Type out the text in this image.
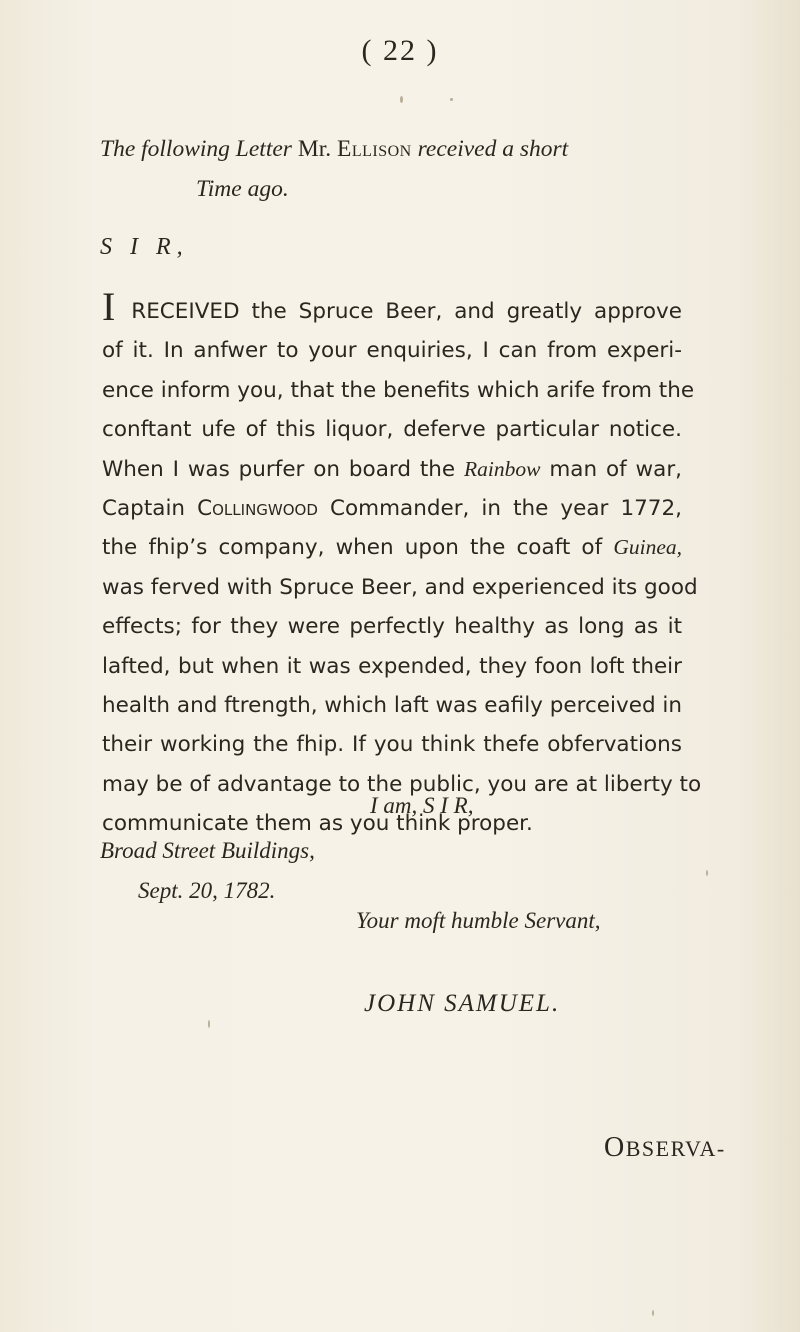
( 22 )
The following Letter Mr. Ellison received a short
Time ago.
S I R,
I RECEIVED the Spruce Beer, and greatly approve
of it. In anfwer to your enquiries, I can from experi-
ence inform you, that the benefits which arife from the
conftant ufe of this liquor, deferve particular notice.
When I was purfer on board the Rainbow man of war,
Captain Collingwood Commander, in the year 1772,
the fhip’s company, when upon the coaft of Guinea,
was ferved with Spruce Beer, and experienced its good
effects; for they were perfectly healthy as long as it
lafted, but when it was expended, they foon loft their
health and ftrength, which laft was eafily perceived in
their working the fhip. If you think thefe obfervations
may be of advantage to the public, you are at liberty to
communicate them as you think proper.
I am, S I R,
Broad Street Buildings,
Sept. 20, 1782.
Your moft humble Servant,
JOHN SAMUEL.
OBSERVA-
